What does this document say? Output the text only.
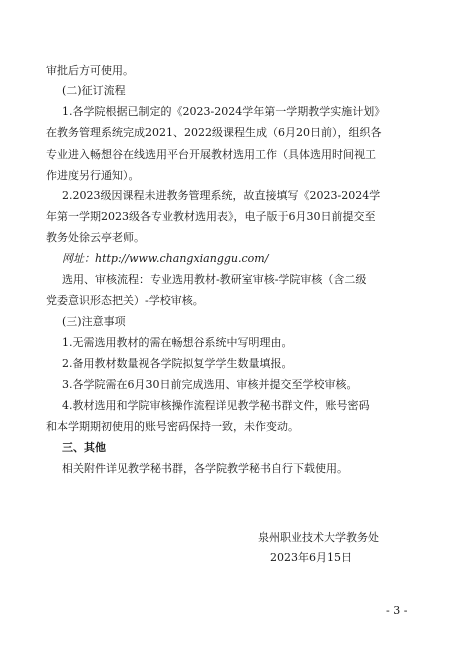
审批后方可使用。
(二)征订流程
1.各学院根据已制定的《2023-2024学年第一学期教学实施计划》
在教务管理系统完成2021、2022级课程生成（6月20日前），组织各
专业进入畅想谷在线选用平台开展教材选用工作（具体选用时间视工
作进度另行通知）。
2.2023级因课程未进教务管理系统，故直接填写《2023-2024学
年第一学期2023级各专业教材选用表》，电子版于6月30日前提交至
教务处徐云亭老师。
网址：http://www.changxianggu.com/
选用、审核流程：专业选用教材-教研室审核-学院审核（含二级
党委意识形态把关）-学校审核。
(三)注意事项
1.无需选用教材的需在畅想谷系统中写明理由。
2.备用教材数量视各学院拟复学学生数量填报。
3.各学院需在6月30日前完成选用、审核并提交至学校审核。
4.教材选用和学院审核操作流程详见教学秘书群文件，账号密码
和本学期期初使用的账号密码保持一致，未作变动。
三、其他
相关附件详见教学秘书群，各学院教学秘书自行下载使用。
泉州职业技术大学教务处
2023年6月15日
- 3 -
